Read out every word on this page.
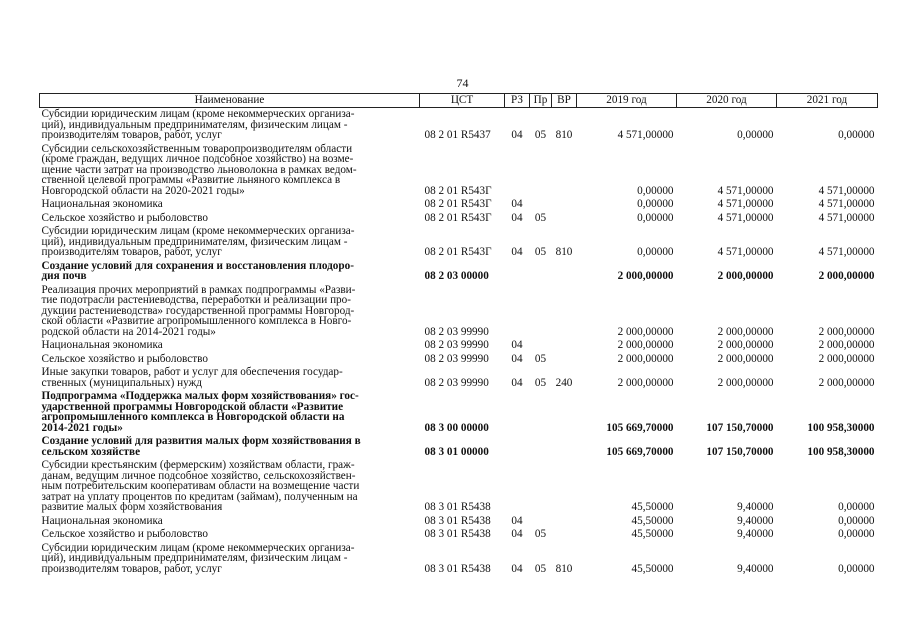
74
Наименование	ЦСТ	РЗ	Пр	ВР	2019 год	2020 год	2021 год
Субсидии юридическим лицам (кроме некоммерческих организа-
ций), индивидуальным предпринимателям, физическим лицам -
производителям товаров, работ, услуг	08 2 01 R5437	04	05	810	4 571,00000	0,00000	0,00000
Субсидии сельскохозяйственным товаропроизводителям области
(кроме граждан, ведущих личное подсобное хозяйство) на возме-
щение части затрат на производство льноволокна в рамках ведом-
ственной целевой программы «Развитие льняного комплекса в
Новгородской области на 2020-2021 годы»	08 2 01 R543Г				0,00000	4 571,00000	4 571,00000
Национальная экономика	08 2 01 R543Г	04			0,00000	4 571,00000	4 571,00000
Сельское хозяйство и рыболовство	08 2 01 R543Г	04	05		0,00000	4 571,00000	4 571,00000
Субсидии юридическим лицам (кроме некоммерческих организа-
ций), индивидуальным предпринимателям, физическим лицам -
производителям товаров, работ, услуг	08 2 01 R543Г	04	05	810	0,00000	4 571,00000	4 571,00000
Создание условий для сохранения и восстановления плодоро-
дия почв	08 2 03 00000				2 000,00000	2 000,00000	2 000,00000
Реализация прочих мероприятий в рамках подпрограммы «Разви-
тие подотрасли растениеводства, переработки и реализации про-
дукции растениеводства» государственной программы Новгород-
ской области «Развитие агропромышленного комплекса в Новго-
родской области на 2014-2021 годы»	08 2 03 99990				2 000,00000	2 000,00000	2 000,00000
Национальная экономика	08 2 03 99990	04			2 000,00000	2 000,00000	2 000,00000
Сельское хозяйство и рыболовство	08 2 03 99990	04	05		2 000,00000	2 000,00000	2 000,00000
Иные закупки товаров, работ и услуг для обеспечения государ-
ственных (муниципальных) нужд	08 2 03 99990	04	05	240	2 000,00000	2 000,00000	2 000,00000
Подпрограмма «Поддержка малых форм хозяйствования» гос-
ударственной программы Новгородской области «Развитие
агропромышленного комплекса в Новгородской области на
2014-2021 годы»	08 3 00 00000				105 669,70000	107 150,70000	100 958,30000
Создание условий для развития малых форм хозяйствования в
сельском хозяйстве	08 3 01 00000				105 669,70000	107 150,70000	100 958,30000
Субсидии крестьянским (фермерским) хозяйствам области, граж-
данам, ведущим личное подсобное хозяйство, сельскохозяйствен-
ным потребительским кооперативам области на возмещение части
затрат на уплату процентов по кредитам (займам), полученным на
развитие малых форм хозяйствования	08 3 01 R5438				45,50000	9,40000	0,00000
Национальная экономика	08 3 01 R5438	04			45,50000	9,40000	0,00000
Сельское хозяйство и рыболовство	08 3 01 R5438	04	05		45,50000	9,40000	0,00000
Субсидии юридическим лицам (кроме некоммерческих организа-
ций), индивидуальным предпринимателям, физическим лицам -
производителям товаров, работ, услуг	08 3 01 R5438	04	05	810	45,50000	9,40000	0,00000
